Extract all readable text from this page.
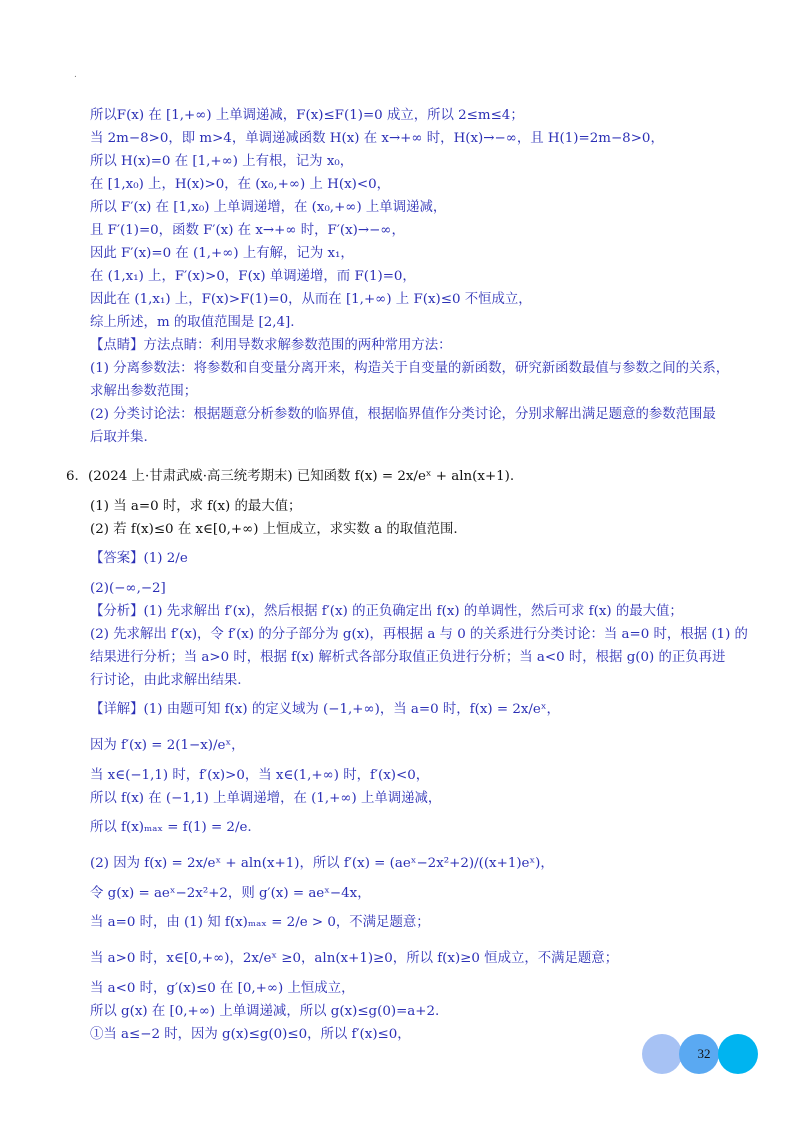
.
所以F(x) 在 [1,+∞) 上单调递减，F(x)≤F(1)=0 成立，所以 2≤m≤4；
当 2m−8>0，即 m>4，单调递减函数 H(x) 在 x→+∞ 时，H(x)→−∞，且 H(1)=2m−8>0，
所以 H(x)=0 在 [1,+∞) 上有根，记为 x₀，
在 [1,x₀) 上，H(x)>0，在 (x₀,+∞) 上 H(x)<0，
所以 F′(x) 在 [1,x₀) 上单调递增，在 (x₀,+∞) 上单调递减，
且 F′(1)=0，函数 F′(x) 在 x→+∞ 时，F′(x)→−∞，
因此 F′(x)=0 在 (1,+∞) 上有解，记为 x₁，
在 (1,x₁) 上，F′(x)>0，F(x) 单调递增，而 F(1)=0，
因此在 (1,x₁) 上，F(x)>F(1)=0，从而在 [1,+∞) 上 F(x)≤0 不恒成立，
综上所述，m 的取值范围是 [2,4].
【点睛】方法点睛：利用导数求解参数范围的两种常用方法：
(1) 分离参数法：将参数和自变量分离开来，构造关于自变量的新函数，研究新函数最值与参数之间的关系，
求解出参数范围；
(2) 分类讨论法：根据题意分析参数的临界值，根据临界值作分类讨论，分别求解出满足题意的参数范围最
后取并集.
6. (2024 上·甘肃武威·高三统考期末) 已知函数 f(x) = 2x/eˣ + aln(x+1).
(1) 当 a=0 时，求 f(x) 的最大值；
(2) 若 f(x)≤0 在 x∈[0,+∞) 上恒成立，求实数 a 的取值范围.
【答案】(1) 2/e
(2)(−∞,−2]
【分析】(1) 先求解出 f′(x)，然后根据 f′(x) 的正负确定出 f(x) 的单调性，然后可求 f(x) 的最大值；
(2) 先求解出 f′(x)，令 f′(x) 的分子部分为 g(x)，再根据 a 与 0 的关系进行分类讨论：当 a=0 时，根据 (1) 的
结果进行分析；当 a>0 时，根据 f(x) 解析式各部分取值正负进行分析；当 a<0 时，根据 g(0) 的正负再进
行讨论，由此求解出结果.
【详解】(1) 由题可知 f(x) 的定义域为 (−1,+∞)，当 a=0 时，f(x) = 2x/eˣ，
因为 f′(x) = 2(1−x)/eˣ，
当 x∈(−1,1) 时，f′(x)>0，当 x∈(1,+∞) 时，f′(x)<0，
所以 f(x) 在 (−1,1) 上单调递增，在 (1,+∞) 上单调递减，
所以 f(x)ₘₐₓ = f(1) = 2/e.
(2) 因为 f(x) = 2x/eˣ + aln(x+1)，所以 f′(x) = (aeˣ−2x²+2)/((x+1)eˣ)，
令 g(x) = aeˣ−2x²+2，则 g′(x) = aeˣ−4x，
当 a=0 时，由 (1) 知 f(x)ₘₐₓ = 2/e > 0，不满足题意；
当 a>0 时，x∈[0,+∞)，2x/eˣ ≥0，aln(x+1)≥0，所以 f(x)≥0 恒成立，不满足题意；
当 a<0 时，g′(x)≤0 在 [0,+∞) 上恒成立，
所以 g(x) 在 [0,+∞) 上单调递减，所以 g(x)≤g(0)=a+2.
①当 a≤−2 时，因为 g(x)≤g(0)≤0，所以 f′(x)≤0，
32
